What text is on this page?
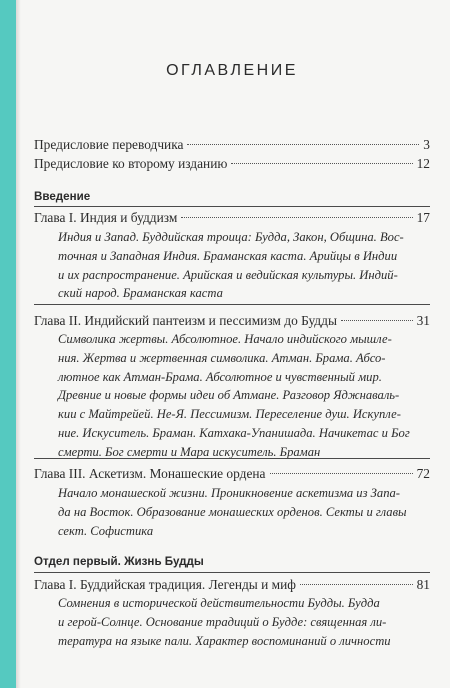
ОГЛАВЛЕНИЕ
Предисловие переводчика	3
Предисловие ко второму изданию	12
Введение
Глава I. Индия и буддизм	17
Индия и Запад. Буддийская троица: Будда, Закон, Община. Вос-
точная и Западная Индия. Браманская каста. Арийцы в Индии
и их распространение. Арийская и ведийская культуры. Индий-
ский народ. Браманская каста
Глава II. Индийский пантеизм и пессимизм до Будды	31
Символика жертвы. Абсолютное. Начало индийского мышле-
ния. Жертва и жертвенная символика. Атман. Брама. Абсо-
лютное как Атман-Брама. Абсолютное и чувственный мир.
Древние и новые формы идеи об Атмане. Разговор Яджнаваль-
кии с Майтрейей. Не-Я. Пессимизм. Переселение душ. Искупле-
ние. Искуситель. Браман. Катхака-Упанишада. Начикетас и Бог
смерти. Бог смерти и Мара искуситель. Браман
Глава III. Аскетизм. Монашеские ордена	72
Начало монашеской жизни. Проникновение аскетизма из Запа-
да на Восток. Образование монашеских орденов. Секты и главы
сект. Софистика
Отдел первый. Жизнь Будды
Глава I. Буддийская традиция. Легенды и миф	81
Сомнения в исторической действительности Будды. Будда
и герой-Солнце. Основание традиций о Будде: священная ли-
тература на языке пали. Характер воспоминаний о личности
